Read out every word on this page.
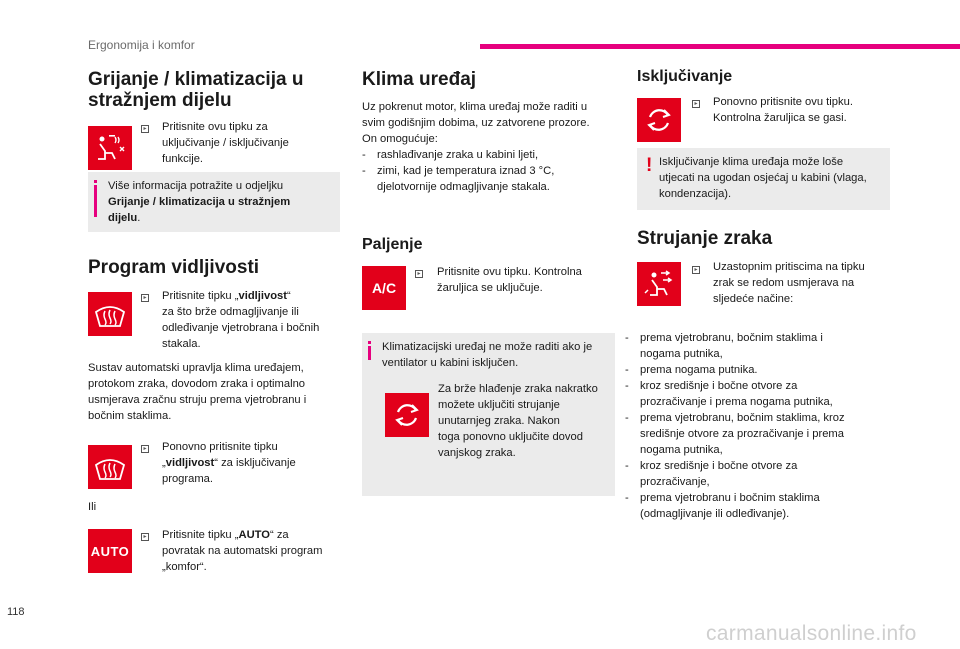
Ergonomija i komfor
Grijanje / klimatizacija u
stražnjem dijelu
▸ Pritisnite ovu tipku za
uključivanje / isključivanje
funkcije.
Više informacija potražite u odjeljku
Grijanje / klimatizacija u stražnjem
dijelu.
Program vidljivosti
▸ Pritisnite tipku „vidljivost“
za što brže odmagljivanje ili
odleđivanje vjetrobrana i bočnih
stakala.
Sustav automatski upravlja klima uređajem,
protokom zraka, dovodom zraka i optimalno
usmjerava zračnu struju prema vjetrobranu i
bočnim staklima.
▸ Ponovno pritisnite tipku
„vidljivost“ za isključivanje
programa.
Ili
AUTO
▸ Pritisnite tipku „AUTO“ za
povratak na automatski program
„komfor“.
Klima uređaj
Uz pokrenut motor, klima uređaj može raditi u
svim godišnjim dobima, uz zatvorene prozore.
On omogućuje:
- rashlađivanje zraka u kabini ljeti,
- zimi, kad je temperatura iznad 3 °C,
djelotvornije odmagljivanje stakala.
Paljenje
A/C
▸ Pritisnite ovu tipku. Kontrolna
žaruljica se uključuje.
Klimatizacijski uređaj ne može raditi ako je
ventilator u kabini isključen.
Za brže hlađenje zraka nakratko
možete uključiti strujanje
unutarnjeg zraka. Nakon
toga ponovno uključite dovod
vanjskog zraka.
Isključivanje
▸ Ponovno pritisnite ovu tipku.
Kontrolna žaruljica se gasi.
! Isključivanje klima uređaja može loše
utjecati na ugodan osjećaj u kabini (vlaga,
kondenzacija).
Strujanje zraka
▸ Uzastopnim pritiscima na tipku
zrak se redom usmjerava na
sljedeće načine:
- prema vjetrobranu, bočnim staklima i
nogama putnika,
- prema nogama putnika.
- kroz središnje i bočne otvore za
prozračivanje i prema nogama putnika,
- prema vjetrobranu, bočnim staklima, kroz
središnje otvore za prozračivanje i prema
nogama putnika,
- kroz središnje i bočne otvore za
prozračivanje,
- prema vjetrobranu i bočnim staklima
(odmagljivanje ili odleđivanje).
118
carmanualsonline.info
